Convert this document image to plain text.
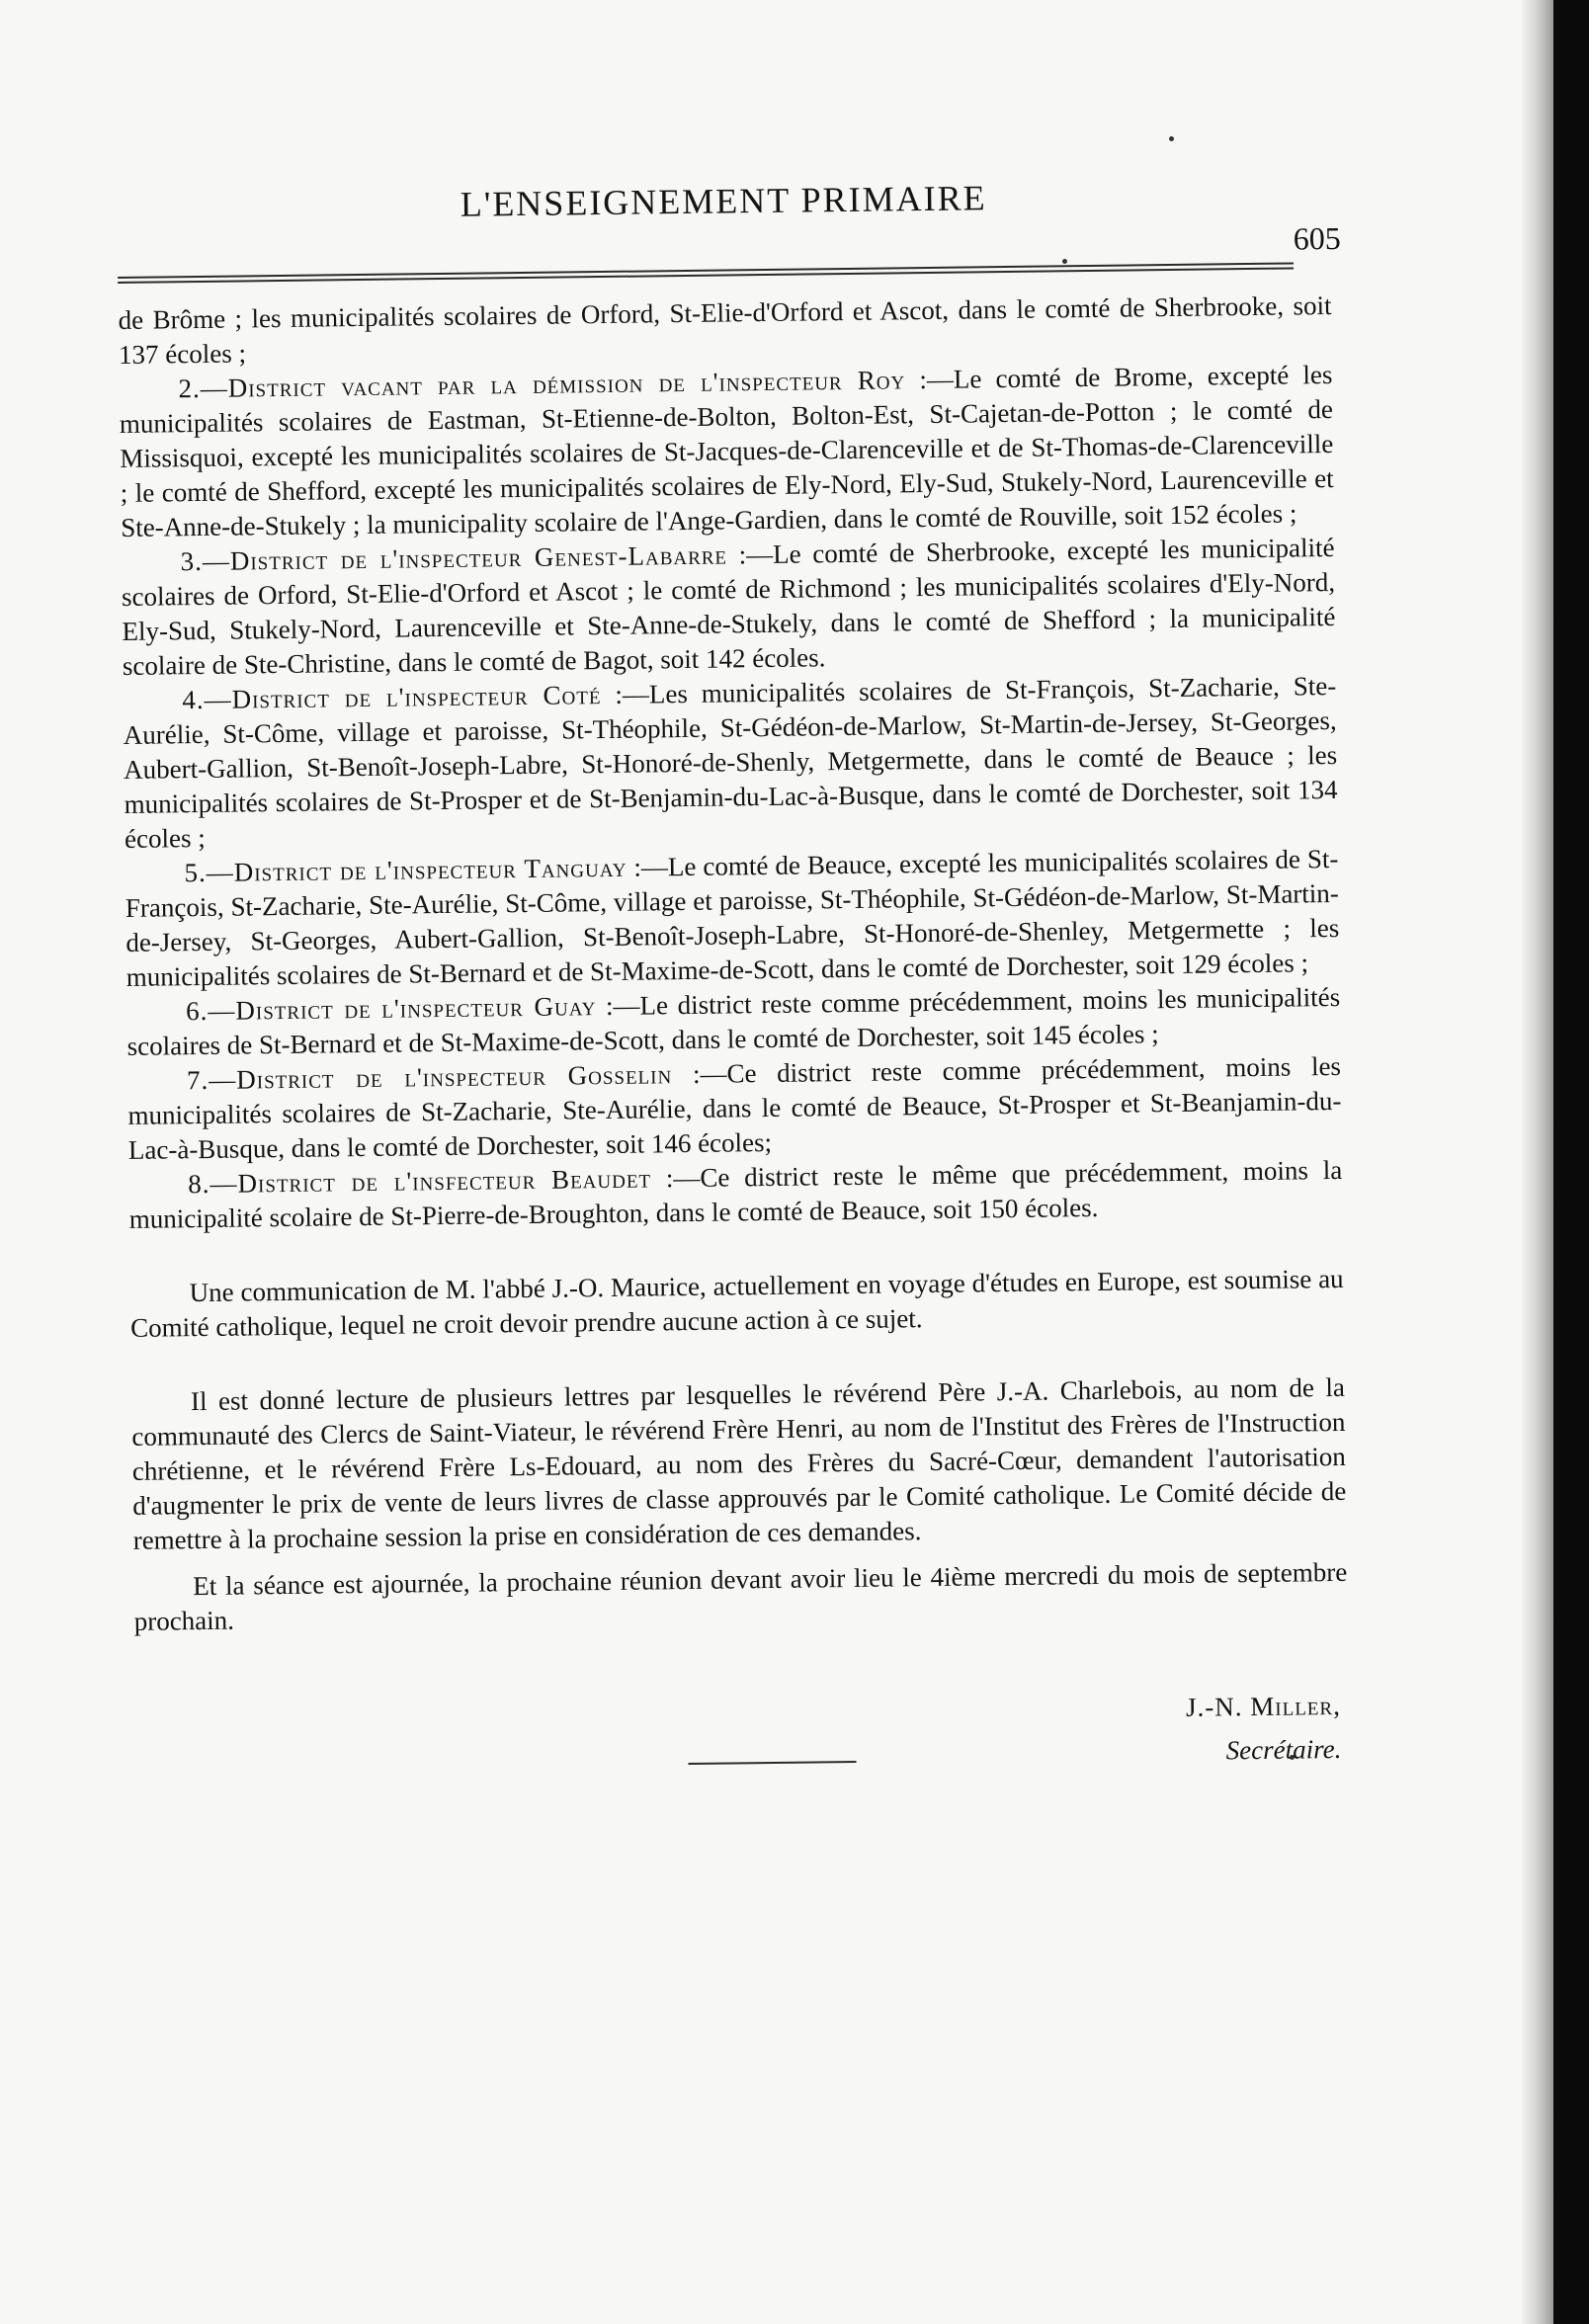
L'ENSEIGNEMENT PRIMAIRE
605

de Brôme ; les municipalités scolaires de Orford, St-Elie-d'Orford et Ascot, dans le comté de Sherbrooke, soit 137 écoles ;

2.—District vacant par la démission de l'inspecteur Roy :—Le comté de Brome, excepté les municipalités scolaires de Eastman, St-Etienne-de-Bolton, Bolton-Est, St-Cajetan-de-Potton ; le comté de Missisquoi, excepté les municipalités scolaires de St-Jacques-de-Clarenceville et de St-Thomas-de-Clarenceville ; le comté de Shefford, excepté les municipalités scolaires de Ely-Nord, Ely-Sud, Stukely-Nord, Laurenceville et Ste-Anne-de-Stukely ; la municipality scolaire de l'Ange-Gardien, dans le comté de Rouville, soit 152 écoles ;

3.—District de l'inspecteur Genest-Labarre :—Le comté de Sherbrooke, excepté les municipalité scolaires de Orford, St-Elie-d'Orford et Ascot ; le comté de Richmond ; les municipalités scolaires d'Ely-Nord, Ely-Sud, Stukely-Nord, Laurenceville et Ste-Anne-de-Stukely, dans le comté de Shefford ; la municipalité scolaire de Ste-Christine, dans le comté de Bagot, soit 142 écoles.

4.—District de l'inspecteur Coté :—Les municipalités scolaires de St-François, St-Zacharie, Ste-Aurélie, St-Côme, village et paroisse, St-Théophile, St-Gédéon-de-Marlow, St-Martin-de-Jersey, St-Georges, Aubert-Gallion, St-Benoît-Joseph-Labre, St-Honoré-de-Shenly, Metgermette, dans le comté de Beauce ; les municipalités scolaires de St-Prosper et de St-Benjamin-du-Lac-à-Busque, dans le comté de Dorchester, soit 134 écoles ;

5.—District de l'inspecteur Tanguay :—Le comté de Beauce, excepté les municipalités scolaires de St-François, St-Zacharie, Ste-Aurélie, St-Côme, village et paroisse, St-Théophile, St-Gédéon-de-Marlow, St-Martin-de-Jersey, St-Georges, Aubert-Gallion, St-Benoît-Joseph-Labre, St-Honoré-de-Shenley, Metgermette ; les municipalités scolaires de St-Bernard et de St-Maxime-de-Scott, dans le comté de Dorchester, soit 129 écoles ;

6.—District de l'inspecteur Guay :—Le district reste comme précédemment, moins les municipalités scolaires de St-Bernard et de St-Maxime-de-Scott, dans le comté de Dorchester, soit 145 écoles ;

7.—District de l'inspecteur Gosselin :—Ce district reste comme précédemment, moins les municipalités scolaires de St-Zacharie, Ste-Aurélie, dans le comté de Beauce, St-Prosper et St-Beanjamin-du-Lac-à-Busque, dans le comté de Dorchester, soit 146 écoles;

8.—District de l'insfecteur Beaudet :—Ce district reste le même que précédemment, moins la municipalité scolaire de St-Pierre-de-Broughton, dans le comté de Beauce, soit 150 écoles.

Une communication de M. l'abbé J.-O. Maurice, actuellement en voyage d'études en Europe, est soumise au Comité catholique, lequel ne croit devoir prendre aucune action à ce sujet.

Il est donné lecture de plusieurs lettres par lesquelles le révérend Père J.-A. Charlebois, au nom de la communauté des Clercs de Saint-Viateur, le révérend Frère Henri, au nom de l'Institut des Frères de l'Instruction chrétienne, et le révérend Frère Ls-Edouard, au nom des Frères du Sacré-Cœur, demandent l'autorisation d'augmenter le prix de vente de leurs livres de classe approuvés par le Comité catholique. Le Comité décide de remettre à la prochaine session la prise en considération de ces demandes.

Et la séance est ajournée, la prochaine réunion devant avoir lieu le 4ième mercredi du mois de septembre prochain.

J.-N. Miller,
Secrétaire.
